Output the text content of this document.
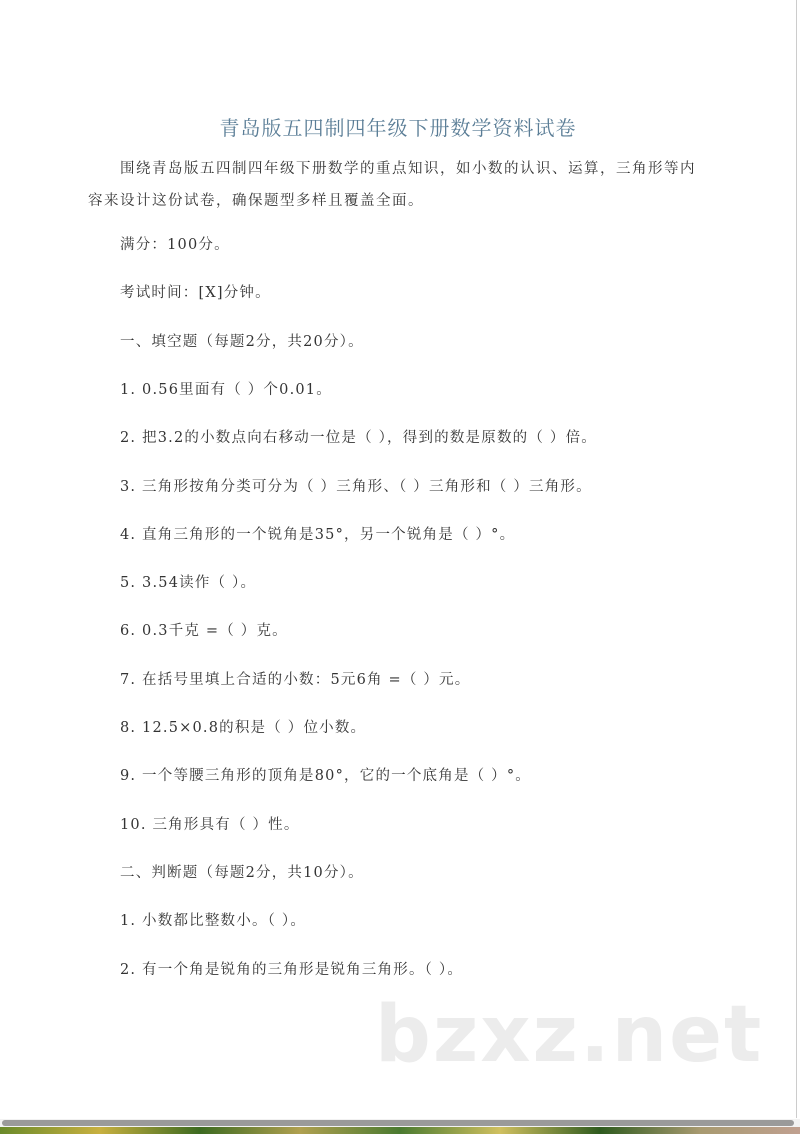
青岛版五四制四年级下册数学资料试卷
围绕青岛版五四制四年级下册数学的重点知识，如小数的认识、运算，三角形等内容来设计这份试卷，确保题型多样且覆盖全面。
满分：100分。
考试时间：[X]分钟。
一、填空题（每题2分，共20分）。
1. 0.56里面有（ ）个0.01。
2. 把3.2的小数点向右移动一位是（ ），得到的数是原数的（ ）倍。
3. 三角形按角分类可分为（ ）三角形、（ ）三角形和（ ）三角形。
4. 直角三角形的一个锐角是35°，另一个锐角是（ ）°。
5. 3.54读作（ ）。
6. 0.3千克 =（ ）克。
7. 在括号里填上合适的小数：5元6角 =（ ）元。
8. 12.5×0.8的积是（ ）位小数。
9. 一个等腰三角形的顶角是80°，它的一个底角是（ ）°。
10. 三角形具有（ ）性。
二、判断题（每题2分，共10分）。
1. 小数都比整数小。（ ）。
2. 有一个角是锐角的三角形是锐角三角形。（ ）。
bzxz.net
